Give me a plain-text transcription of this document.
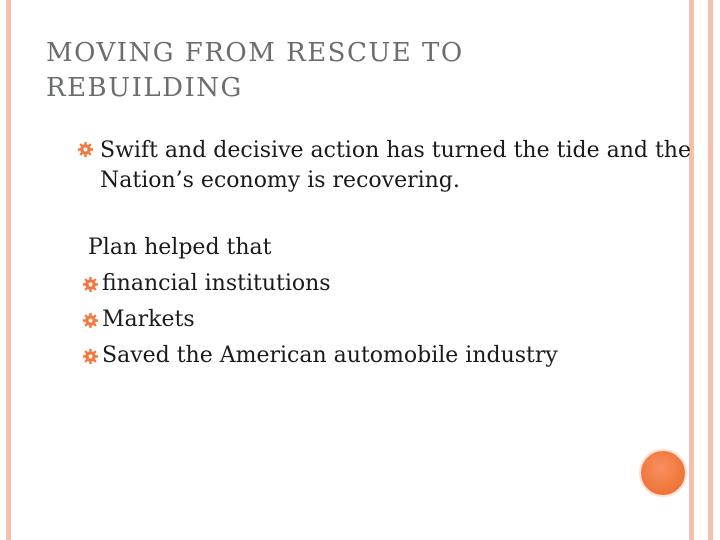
MOVING FROM RESCUE TO REBUILDING
Swift and decisive action has turned the tide and the Nation’s economy is recovering.
Plan helped that
financial institutions
Markets
Saved the American automobile industry
